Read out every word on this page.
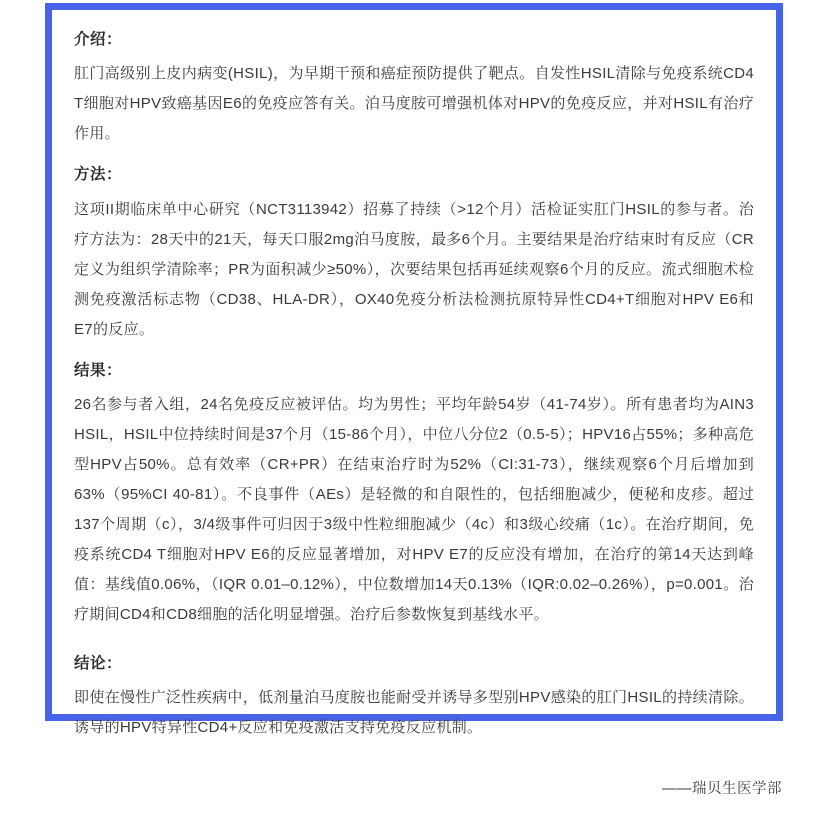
介绍：
肛门高级别上皮内病变(HSIL)，为早期干预和癌症预防提供了靶点。自发性HSIL清除与免疫系统CD4 T细胞对HPV致癌基因E6的免疫应答有关。泊马度胺可增强机体对HPV的免疫反应，并对HSIL有治疗作用。
方法：
这项II期临床单中心研究（NCT3113942）招募了持续（>12个月）活检证实肛门HSIL的参与者。治疗方法为：28天中的21天，每天口服2mg泊马度胺，最多6个月。主要结果是治疗结束时有反应（CR定义为组织学清除率；PR为面积减少≥50%），次要结果包括再延续观察6个月的反应。流式细胞术检测免疫激活标志物（CD38、HLA-DR），OX40免疫分析法检测抗原特异性CD4+T细胞对HPV E6和E7的反应。
结果：
26名参与者入组，24名免疫反应被评估。均为男性；平均年龄54岁（41-74岁）。所有患者均为AIN3 HSIL，HSIL中位持续时间是37个月（15-86个月），中位八分位2（0.5-5）；HPV16占55%；多种高危型HPV占50%。总有效率（CR+PR）在结束治疗时为52%（CI:31-73），继续观察6个月后增加到63%（95%CI 40-81）。不良事件（AEs）是轻微的和自限性的，包括细胞减少，便秘和皮疹。超过137个周期（c），3/4级事件可归因于3级中性粒细胞减少（4c）和3级心绞痛（1c）。在治疗期间，免疫系统CD4 T细胞对HPV E6的反应显著增加，对HPV E7的反应没有增加，在治疗的第14天达到峰值：基线值0.06%，（IQR 0.01–0.12%），中位数增加14天0.13%（IQR:0.02–0.26%），p=0.001。治疗期间CD4和CD8细胞的活化明显增强。治疗后参数恢复到基线水平。
结论：
即使在慢性广泛性疾病中，低剂量泊马度胺也能耐受并诱导多型别HPV感染的肛门HSIL的持续清除。诱导的HPV特异性CD4+反应和免疫激活支持免疫反应机制。
——瑞贝生医学部
